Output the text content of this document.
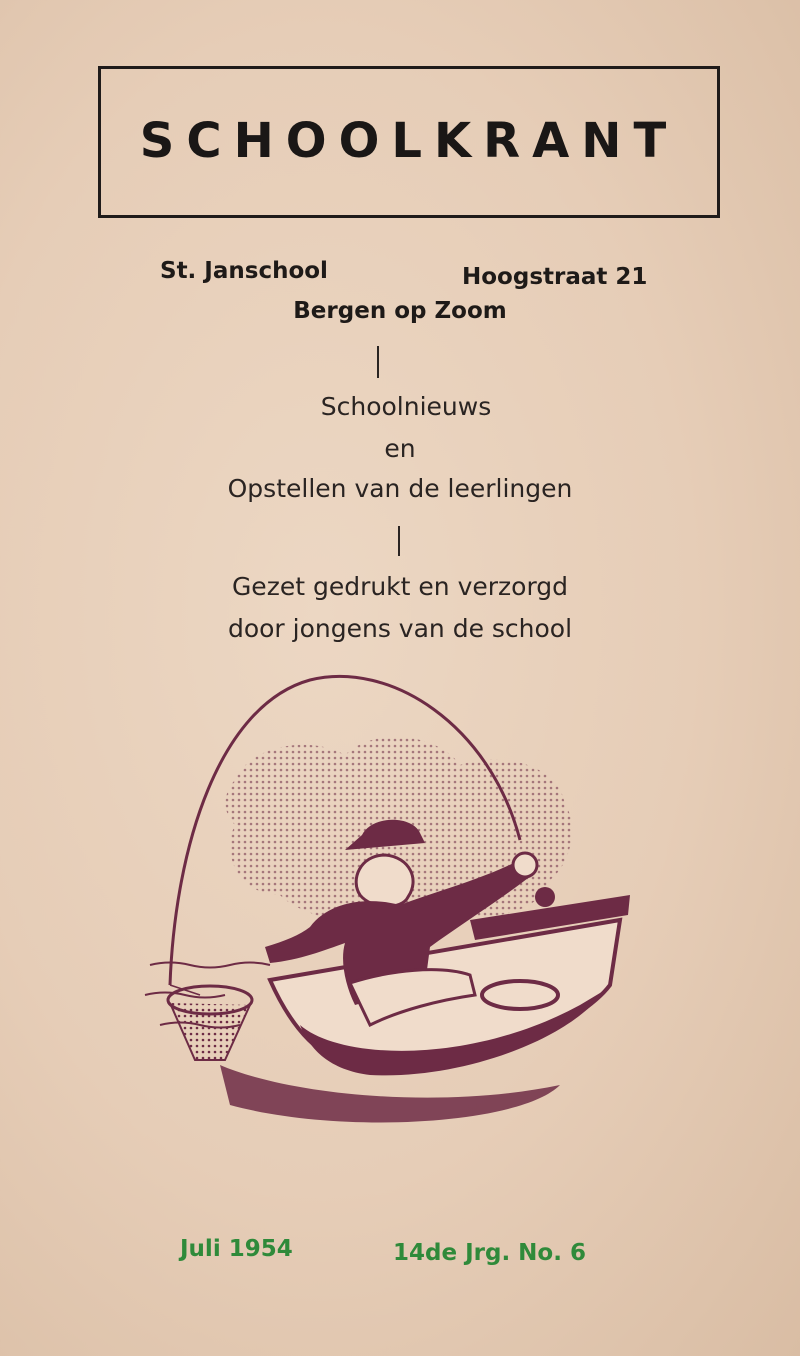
SCHOOLKRANT
St. Janschool	Hoogstraat 21
Bergen op Zoom
Schoolnieuws
en
Opstellen van de leerlingen
Gezet gedrukt en verzorgd
door jongens van de school
Juli 1954	14de Jrg. No. 6
